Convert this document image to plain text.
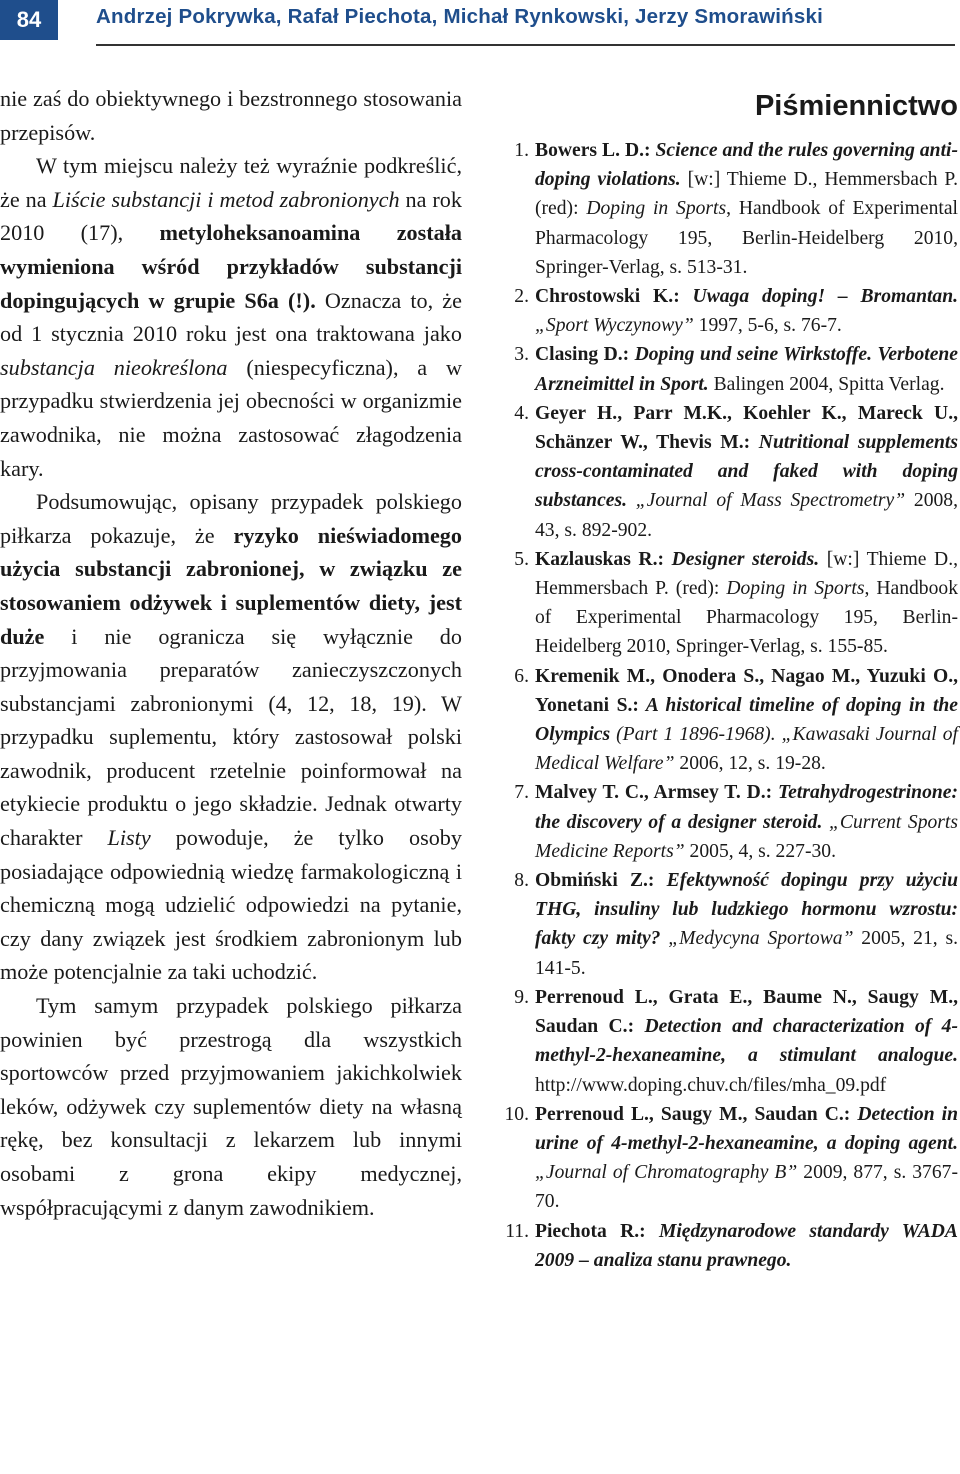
84	Andrzej Pokrywka, Rafał Piechota, Michał Rynkowski, Jerzy Smorawiński

nie zaś do obiektywnego i bezstronnego stosowania przepisów.

W tym miejscu należy też wyraźnie podkreślić, że na Liście substancji i metod zabronionych na rok 2010 (17), metyloheksanoamina została wymieniona wśród przykładów substancji dopingujących w grupie S6a (!). Oznacza to, że od 1 stycznia 2010 roku jest ona traktowana jako substancja nieokreślona (niespecyficzna), a w przypadku stwierdzenia jej obecności w organizmie zawodnika, nie można zastosować złagodzenia kary.

Podsumowując, opisany przypadek polskiego piłkarza pokazuje, że ryzyko nieświadomego użycia substancji zabronionej, w związku ze stosowaniem odżywek i suplementów diety, jest duże i nie ogranicza się wyłącznie do przyjmowania preparatów zanieczyszczonych substancjami zabronionymi (4, 12, 18, 19). W przypadku suplementu, który zastosował polski zawodnik, producent rzetelnie poinformował na etykiecie produktu o jego składzie. Jednak otwarty charakter Listy powoduje, że tylko osoby posiadające odpowiednią wiedzę farmakologiczną i chemiczną mogą udzielić odpowiedzi na pytanie, czy dany związek jest środkiem zabronionym lub może potencjalnie za taki uchodzić.

Tym samym przypadek polskiego piłkarza powinien być przestrogą dla wszystkich sportowców przed przyjmowaniem jakichkolwiek leków, odżywek czy suplementów diety na własną rękę, bez konsultacji z lekarzem lub innymi osobami z grona ekipy medycznej, współpracującymi z danym zawodnikiem.

Piśmiennictwo
1. Bowers L. D.: Science and the rules governing anti-doping violations. [w:] Thieme D., Hemmersbach P. (red): Doping in Sports, Handbook of Experimental Pharmacology 195, Berlin-Heidelberg 2010, Springer-Verlag, s. 513-31.
2. Chrostowski K.: Uwaga doping! – Bromantan. „Sport Wyczynowy” 1997, 5-6, s. 76-7.
3. Clasing D.: Doping und seine Wirkstoffe. Verbotene Arzneimittel in Sport. Balingen 2004, Spitta Verlag.
4. Geyer H., Parr M.K., Koehler K., Mareck U., Schänzer W., Thevis M.: Nutritional supplements cross-contaminated and faked with doping substances. „Journal of Mass Spectrometry” 2008, 43, s. 892-902.
5. Kazlauskas R.: Designer steroids. [w:] Thieme D., Hemmersbach P. (red): Doping in Sports, Handbook of Experimental Pharmacology 195, Berlin-Heidelberg 2010, Springer-Verlag, s. 155-85.
6. Kremenik M., Onodera S., Nagao M., Yuzuki O., Yonetani S.: A historical timeline of doping in the Olympics (Part 1 1896-1968). „Kawasaki Journal of Medical Welfare” 2006, 12, s. 19-28.
7. Malvey T. C., Armsey T. D.: Tetrahydrogestrinone: the discovery of a designer steroid. „Current Sports Medicine Reports” 2005, 4, s. 227-30.
8. Obmiński Z.: Efektywność dopingu przy użyciu THG, insuliny lub ludzkiego hormonu wzrostu: fakty czy mity? „Medycyna Sportowa” 2005, 21, s. 141-5.
9. Perrenoud L., Grata E., Baume N., Saugy M., Saudan C.: Detection and characterization of 4-methyl-2-hexaneamine, a stimulant analogue. http://www.doping.chuv.ch/files/mha_09.pdf
10. Perrenoud L., Saugy M., Saudan C.: Detection in urine of 4-methyl-2-hexaneamine, a doping agent. „Journal of Chromatography B” 2009, 877, s. 3767-70.
11. Piechota R.: Międzynarodowe standardy WADA 2009 – analiza stanu prawnego.
